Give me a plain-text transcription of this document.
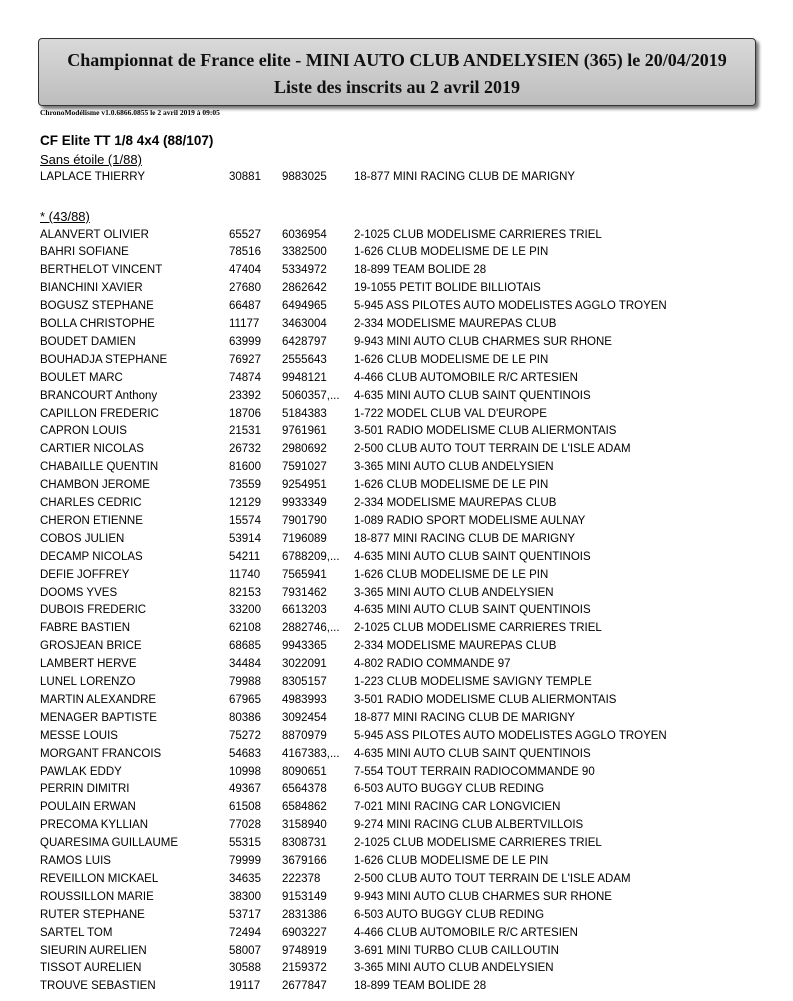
Championnat de France elite - MINI AUTO CLUB ANDELYSIEN (365) le 20/04/2019
Liste des inscrits au 2 avril 2019
ChronoModélisme v1.0.6866.0855 le 2 avril 2019 à 09:05
CF Elite TT 1/8 4x4 (88/107)
Sans étoile (1/88)
* (43/88)
LAPLACE THIERRY	30881 9883025	18-877 MINI RACING CLUB DE MARIGNY
ALANVERT OLIVIER	65527 6036954	2-1025 CLUB MODELISME CARRIERES TRIEL
BAHRI SOFIANE	78516 3382500	1-626 CLUB MODELISME DE LE PIN
BERTHELOT VINCENT	47404 5334972	18-899 TEAM BOLIDE 28
BIANCHINI XAVIER	27680 2862642	19-1055 PETIT BOLIDE BILLIOTAIS
BOGUSZ STEPHANE	66487 6494965	5-945 ASS PILOTES AUTO MODELISTES AGGLO TROYEN
BOLLA CHRISTOPHE	11177 3463004	2-334 MODELISME MAUREPAS CLUB
BOUDET DAMIEN	63999 6428797	9-943 MINI AUTO CLUB CHARMES SUR RHONE
BOUHADJA STEPHANE	76927 2555643	1-626 CLUB MODELISME DE LE PIN
BOULET MARC	74874 9948121	4-466 CLUB AUTOMOBILE R/C ARTESIEN
BRANCOURT Anthony	23392 5060357,...	4-635 MINI AUTO CLUB SAINT QUENTINOIS
CAPILLON FREDERIC	18706 5184383	1-722 MODEL CLUB VAL D'EUROPE
CAPRON LOUIS	21531 9761961	3-501 RADIO MODELISME CLUB ALIERMONTAIS
CARTIER NICOLAS	26732 2980692	2-500 CLUB AUTO TOUT TERRAIN DE L'ISLE ADAM
CHABAILLE QUENTIN	81600 7591027	3-365 MINI AUTO CLUB ANDELYSIEN
CHAMBON JEROME	73559 9254951	1-626 CLUB MODELISME DE LE PIN
CHARLES CEDRIC	12129 9933349	2-334 MODELISME MAUREPAS CLUB
CHERON ETIENNE	15574 7901790	1-089 RADIO SPORT MODELISME AULNAY
COBOS JULIEN	53914 7196089	18-877 MINI RACING CLUB DE MARIGNY
DECAMP NICOLAS	54211 6788209,...	4-635 MINI AUTO CLUB SAINT QUENTINOIS
DEFIE JOFFREY	11740 7565941	1-626 CLUB MODELISME DE LE PIN
DOOMS YVES	82153 7931462	3-365 MINI AUTO CLUB ANDELYSIEN
DUBOIS FREDERIC	33200 6613203	4-635 MINI AUTO CLUB SAINT QUENTINOIS
FABRE BASTIEN	62108 2882746,...	2-1025 CLUB MODELISME CARRIERES TRIEL
GROSJEAN BRICE	68685 9943365	2-334 MODELISME MAUREPAS CLUB
LAMBERT HERVE	34484 3022091	4-802 RADIO COMMANDE 97
LUNEL LORENZO	79988 8305157	1-223 CLUB MODELISME SAVIGNY TEMPLE
MARTIN ALEXANDRE	67965 4983993	3-501 RADIO MODELISME CLUB ALIERMONTAIS
MENAGER BAPTISTE	80386 3092454	18-877 MINI RACING CLUB DE MARIGNY
MESSE LOUIS	75272 8870979	5-945 ASS PILOTES AUTO MODELISTES AGGLO TROYEN
MORGANT FRANCOIS	54683 4167383,...	4-635 MINI AUTO CLUB SAINT QUENTINOIS
PAWLAK EDDY	10998 8090651	7-554 TOUT TERRAIN RADIOCOMMANDE 90
PERRIN DIMITRI	49367 6564378	6-503 AUTO BUGGY CLUB REDING
POULAIN ERWAN	61508 6584862	7-021 MINI RACING CAR LONGVICIEN
PRECOMA KYLLIAN	77028 3158940	9-274 MINI RACING CLUB ALBERTVILLOIS
QUARESIMA GUILLAUME	55315 8308731	2-1025 CLUB MODELISME CARRIERES TRIEL
RAMOS LUIS	79999 3679166	1-626 CLUB MODELISME DE LE PIN
REVEILLON MICKAEL	34635 222378	2-500 CLUB AUTO TOUT TERRAIN DE L'ISLE ADAM
ROUSSILLON MARIE	38300 9153149	9-943 MINI AUTO CLUB CHARMES SUR RHONE
RUTER STEPHANE	53717 2831386	6-503 AUTO BUGGY CLUB REDING
SARTEL TOM	72494 6903227	4-466 CLUB AUTOMOBILE R/C ARTESIEN
SIEURIN AURELIEN	58007 9748919	3-691 MINI TURBO CLUB CAILLOUTIN
TISSOT AURELIEN	30588 2159372	3-365 MINI AUTO CLUB ANDELYSIEN
TROUVE SEBASTIEN	19117 2677847	18-899 TEAM BOLIDE 28
